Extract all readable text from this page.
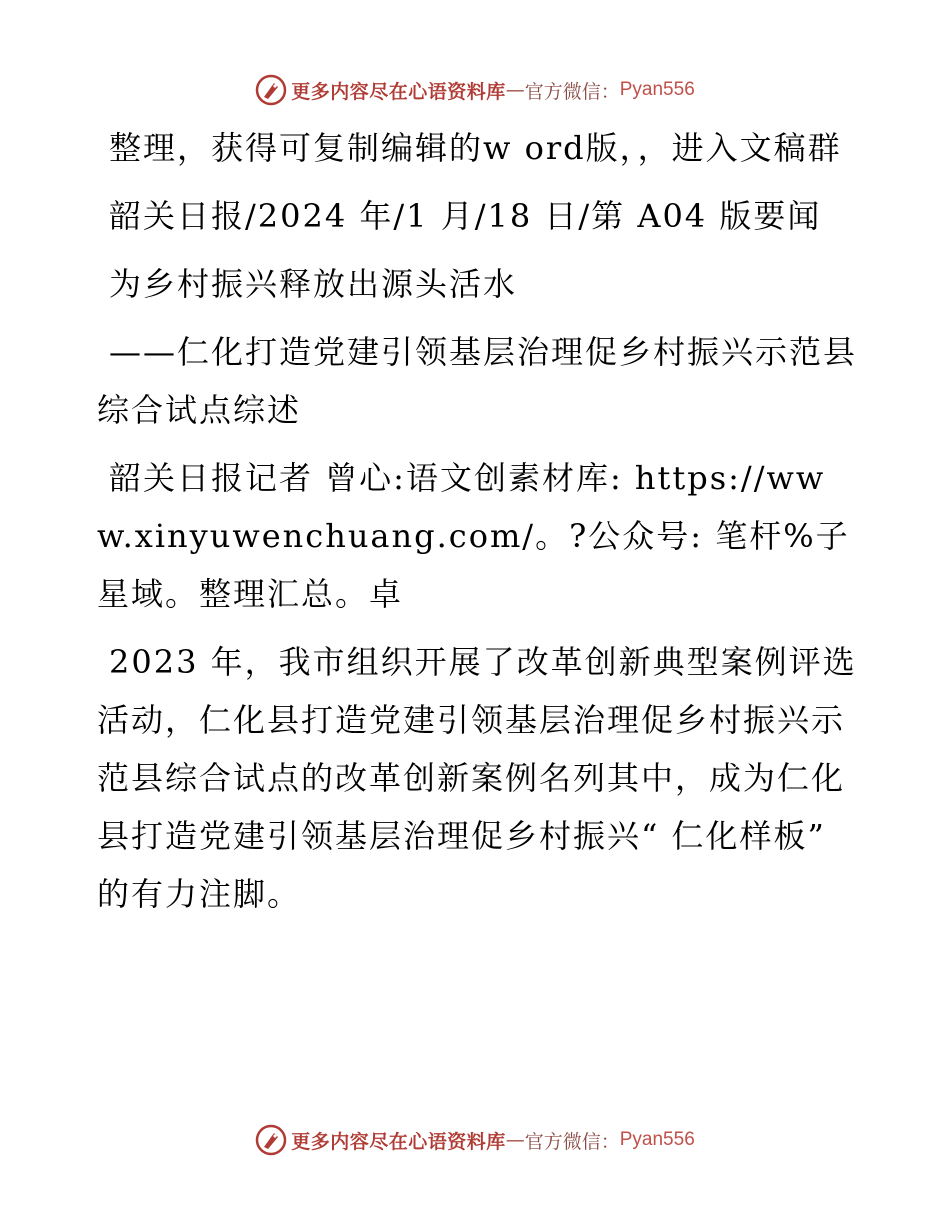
更多内容尽在心语资料库 — 官方微信： Pyan556

整理，获得可复制编辑的w ord版，，进入文稿群

韶关日报/2024 年/1 月/18 日/第 A04 版要闻

为乡村振兴释放出源头活水

——仁化打造党建引领基层治理促乡村振兴示范县综合试点综述

韶关日报记者 曾心:语文创素材库: https://www.xinyuwenchuang.com/。?公众号: 笔杆%子星域。整理汇总。卓

2023 年，我市组织开展了改革创新典型案例评选活动，仁化县打造党建引领基层治理促乡村振兴示范县综合试点的改革创新案例名列其中，成为仁化县打造党建引领基层治理促乡村振兴“ 仁化样板” 的有力注脚。

更多内容尽在心语资料库 — 官方微信： Pyan556
